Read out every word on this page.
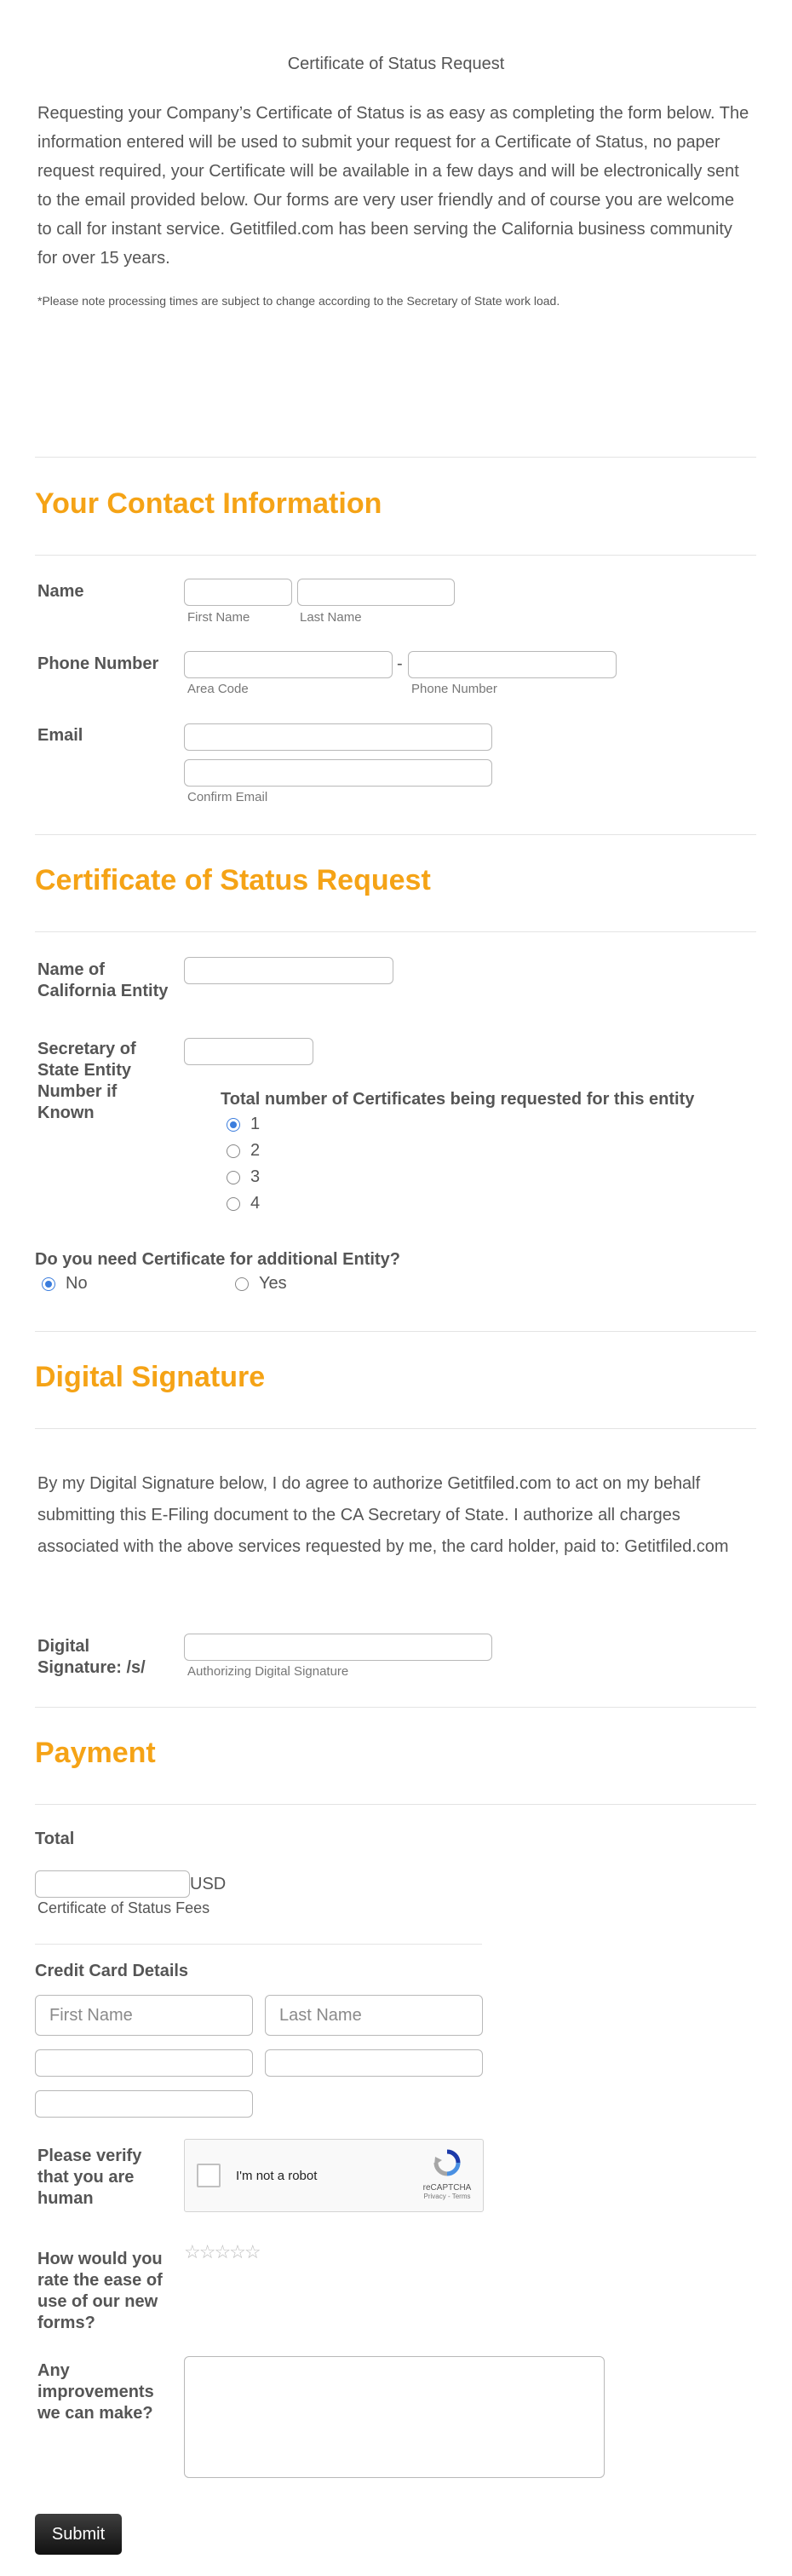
Certificate of Status Request
Requesting your Company’s Certificate of Status is as easy as completing the form below. The information entered will be used to submit your request for a Certificate of Status, no paper request required, your Certificate will be available in a few days and will be electronically sent to the email provided below. Our forms are very user friendly and of course you are welcome to call for instant service. Getitfiled.com has been serving the California business community for over 15 years.
*Please note processing times are subject to change according to the Secretary of State work load.
Your Contact Information
Name
First Name	Last Name
Phone Number	-
Area Code	Phone Number
Email
Confirm Email
Certificate of Status Request
Name of California Entity
Secretary of State Entity Number if Known
Total number of Certificates being requested for this entity
1
2
3
4
Do you need Certificate for additional Entity?
No	Yes
Digital Signature
By my Digital Signature below, I do agree to authorize Getitfiled.com to act on my behalf submitting this E-Filing document to the CA Secretary of State. I authorize all charges associated with the above services requested by me, the card holder, paid to: Getitfiled.com
Digital Signature: /s/	Authorizing Digital Signature
Payment
Total
USD
Certificate of Status Fees
Credit Card Details
First Name
Last Name
Please verify that you are human
I'm not a robot
reCAPTCHA
Privacy - Terms
How would you rate the ease of use of our new forms?
☆☆☆☆☆
Any improvements we can make?
Submit
